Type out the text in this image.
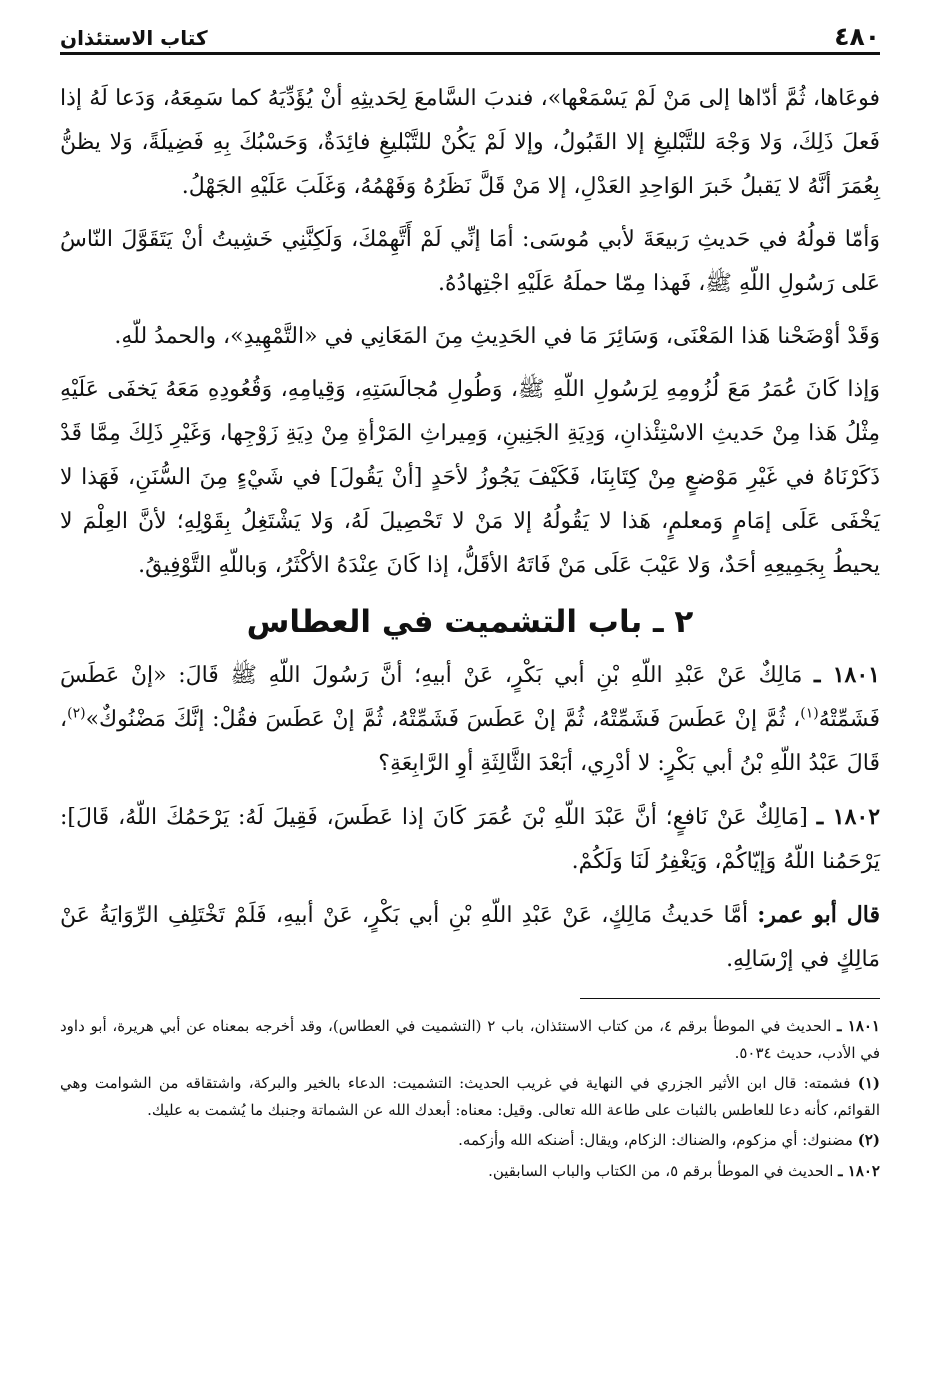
٤٨٠
كتاب الاستئذان

فوعَاها، ثُمَّ أدّاها إلى مَنْ لَمْ يَسْمَعْها»، فندبَ السَّامعَ لِحَديثِهِ أنْ يُؤَدِّيَهُ كما سَمِعَهُ، وَدَعا لَهُ إذا فَعلَ ذَلِكَ، وَلا وَجْهَ للتَّبْليغِ إلا القَبُولُ، وإلا لَمْ يَكُنْ للتَّبْليغِ فائِدَةٌ، وَحَسْبُكَ بِهِ فَضِيلَةً، وَلا يظنُّ بِعُمَرَ أنَّهُ لا يَقبلُ خَبرَ الوَاحِدِ العَدْلِ، إلا مَنْ قَلَّ نَظَرُهُ وَفَهْمُهُ، وَغَلَبَ عَلَيْهِ الجَهْلُ.

وَأمّا قولُهُ في حَديثِ رَبيعَةَ لأبي مُوسَى: أمَا إنِّي لَمْ أَتَّهِمْكَ، وَلَكِنَّنِي خَشِيتُ أنْ يَتَقَوَّلَ النّاسُ عَلى رَسُولِ اللّهِ ﷺ، فَهذا مِمّا حملَهُ عَلَيْهِ اجْتِهادُهُ.

وَقَدْ أوْضَحْنا هَذا المَعْنَى، وَسَائِرَ مَا في الحَدِيثِ مِنَ المَعَانِي في «التَّمْهِيدِ»، والحمدُ للّهِ.

وَإذا كَانَ عُمَرُ مَعَ لُزُومِهِ لِرَسُولِ اللّهِ ﷺ، وَطُولِ مُجالَسَتِهِ، وَقِيامِهِ، وَقُعُودِهِ مَعَهُ يَخفَى عَلَيْهِ مِثْلُ هَذا مِنْ حَديثِ الاسْتِئْذانِ، وَدِيَةِ الجَنِينِ، وَمِيراثِ المَرْأةِ مِنْ دِيَةِ زَوْجِها، وَغَيْرِ ذَلِكَ مِمَّا قَدْ ذَكَرْنَاهُ في غَيْرِ مَوْضعٍ مِنْ كِتَابِنَا، فَكَيْفَ يَجُوزُ لأحَدٍ [أنْ يَقُولَ] في شَيْءٍ مِنَ السُّنَنِ، فَهَذا لا يَخْفَى عَلَى إمَامٍ وَمعلمٍ، هَذا لا يَقُولُهُ إلا مَنْ لا تَحْصِيلَ لَهُ، وَلا يَشْتَغِلُ بِقَوْلِهِ؛ لأنَّ العِلْمَ لا يحيطُ بِجَمِيعِهِ أحَدٌ، وَلا عَيْبَ عَلَى مَنْ فَاتَهُ الأقَلُّ، إذا كَانَ عِنْدَهُ الأكْثَرُ، وَباللّهِ التَّوْفِيقُ.

٢ ـ باب التشميت في العطاس

١٨٠١ ـ مَالِكٌ عَنْ عَبْدِ اللّهِ بْنِ أبي بَكْرٍ، عَنْ أبيهِ؛ أنَّ رَسُولَ اللّهِ ﷺ قَالَ: «إنْ عَطَسَ فَشَمِّتْهُ$^{(١)}$، ثُمَّ إنْ عَطَسَ فَشَمِّتْهُ، ثُمَّ إنْ عَطَسَ فَشَمِّتْهُ، ثُمَّ إنْ عَطَسَ فقُلْ: إنَّكَ مَضْنُوكٌ»$^{(٢)}$، قَالَ عَبْدُ اللّهِ بْنُ أبي بَكْرٍ: لا أدْرِي، أبَعْدَ الثَّالِثَةِ أوِ الرَّابِعَةِ؟

١٨٠٢ ـ [مَالِكٌ عَنْ نَافعٍ؛ أنَّ عَبْدَ اللّهِ بْنَ عُمَرَ كَانَ إذا عَطَسَ، فَقِيلَ لَهُ: يَرْحَمُكَ اللّهُ، قَالَ]: يَرْحَمُنا اللّهُ وَإيّاكُمْ، وَيَغْفِرُ لَنَا وَلَكُمْ.

قال أبو عمر: أمَّا حَديثُ مَالِكٍ، عَنْ عَبْدِ اللّهِ بْنِ أبي بَكْرٍ، عَنْ أبيهِ، فَلَمْ تَخْتَلِفِ الرِّوَايَةُ عَنْ مَالِكٍ في إرْسَالِهِ.

١٨٠١ ـ الحديث في الموطأ برقم ٤، من كتاب الاستئذان، باب ٢ (التشميت في العطاس)، وقد أخرجه بمعناه عن أبي هريرة، أبو داود في الأدب، حديث ٥٠٣٤.
(١) فشمته: قال ابن الأثير الجزري في النهاية في غريب الحديث: التشميت: الدعاء بالخير والبركة، واشتقاقه من الشوامت وهي القوائم، كأنه دعا للعاطس بالثبات على طاعة الله تعالى. وقيل: معناه: أبعدك الله عن الشماتة وجنبك ما يُشمت به عليك.
(٢) مضنوك: أي مزكوم، والضناك: الزكام، ويقال: أضنكه الله وأزكمه.
١٨٠٢ ـ الحديث في الموطأ برقم ٥، من الكتاب والباب السابقين.
